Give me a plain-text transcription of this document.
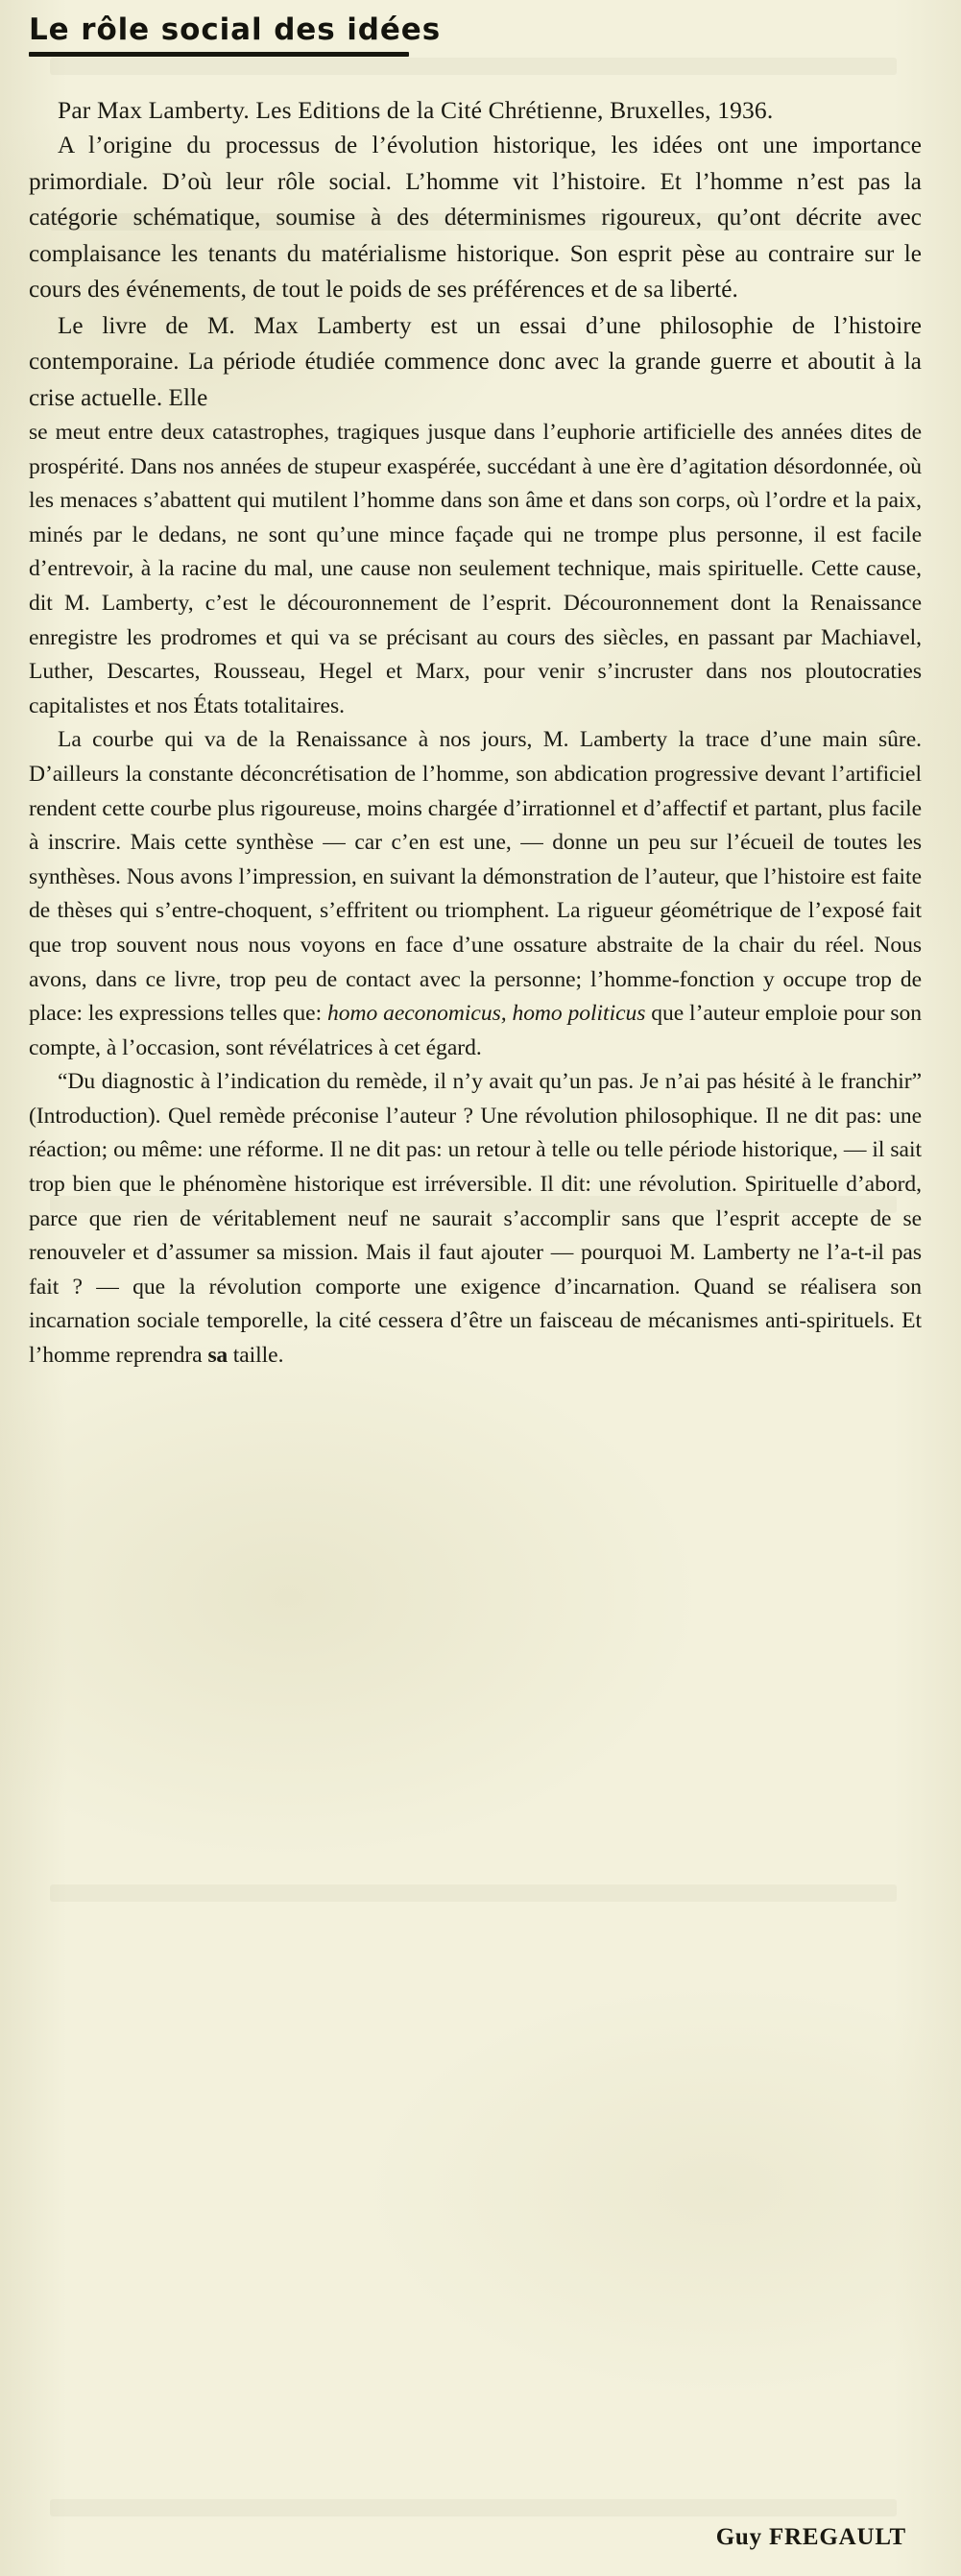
Le rôle social des idées

Par Max Lamberty. Les Editions de la Cité Chrétienne, Bruxelles, 1936.

A l’origine du processus de l’évolution historique, les idées ont une importance primordiale. D’où leur rôle social. L’homme vit l’histoire. Et l’homme n’est pas la catégorie schématique, soumise à des déterminismes rigoureux, qu’ont décrite avec complaisance les tenants du matérialisme historique. Son esprit pèse au contraire sur le cours des événements, de tout le poids de ses préférences et de sa liberté.

Le livre de M. Max Lamberty est un essai d’une philosophie de l’histoire contemporaine. La période étudiée commence donc avec la grande guerre et aboutit à la crise actuelle. Elle

se meut entre deux catastrophes, tragiques jusque dans l’euphorie artificielle des années dites de prospérité. Dans nos années de stupeur exaspérée, succédant à une ère d’agitation désordonnée, où les menaces s’abattent qui mutilent l’homme dans son âme et dans son corps, où l’ordre et la paix, minés par le dedans, ne sont qu’une mince façade qui ne trompe plus personne, il est facile d’entrevoir, à la racine du mal, une cause non seulement technique, mais spirituelle. Cette cause, dit M. Lamberty, c’est le découronnement de l’esprit. Découronnement dont la Renaissance enregistre les prodromes et qui va se précisant au cours des siècles, en passant par Machiavel, Luther, Descartes, Rousseau, Hegel et Marx, pour venir s’incruster dans nos ploutocraties capitalistes et nos États totalitaires.

La courbe qui va de la Renaissance à nos jours, M. Lamberty la trace d’une main sûre. D’ailleurs la constante déconcrétisation de l’homme, son abdication progressive devant l’artificiel rendent cette courbe plus rigoureuse, moins chargée d’irrationnel et d’affectif et partant, plus facile à inscrire. Mais cette synthèse — car c’en est une, — donne un peu sur l’écueil de toutes les synthèses. Nous avons l’impression, en suivant la démonstration de l’auteur, que l’histoire est faite de thèses qui s’entre-choquent, s’effritent ou triomphent. La rigueur géométrique de l’exposé fait que trop souvent nous nous voyons en face d’une ossature abstraite de la chair du réel. Nous avons, dans ce livre, trop peu de contact avec la personne; l’homme-fonction y occupe trop de place: les expressions telles que: homo aeconomicus, homo politicus que l’auteur emploie pour son compte, à l’occasion, sont révélatrices à cet égard.

“Du diagnostic à l’indication du remède, il n’y avait qu’un pas. Je n’ai pas hésité à le franchir” (Introduction). Quel remède préconise l’auteur ? Une révolution philosophique. Il ne dit pas: une réaction; ou même: une réforme. Il ne dit pas: un retour à telle ou telle période historique, — il sait trop bien que le phénomène historique est irréversible. Il dit: une révolution. Spirituelle d’abord, parce que rien de véritablement neuf ne saurait s’accomplir sans que l’esprit accepte de se renouveler et d’assumer sa mission. Mais il faut ajouter — pourquoi M. Lamberty ne l’a-t-il pas fait ? — que la révolution comporte une exigence d’incarnation. Quand se réalisera son incarnation sociale temporelle, la cité cessera d’être un faisceau de mécanismes anti-spirituels. Et l’homme reprendra sa taille.

Guy FREGAULT
